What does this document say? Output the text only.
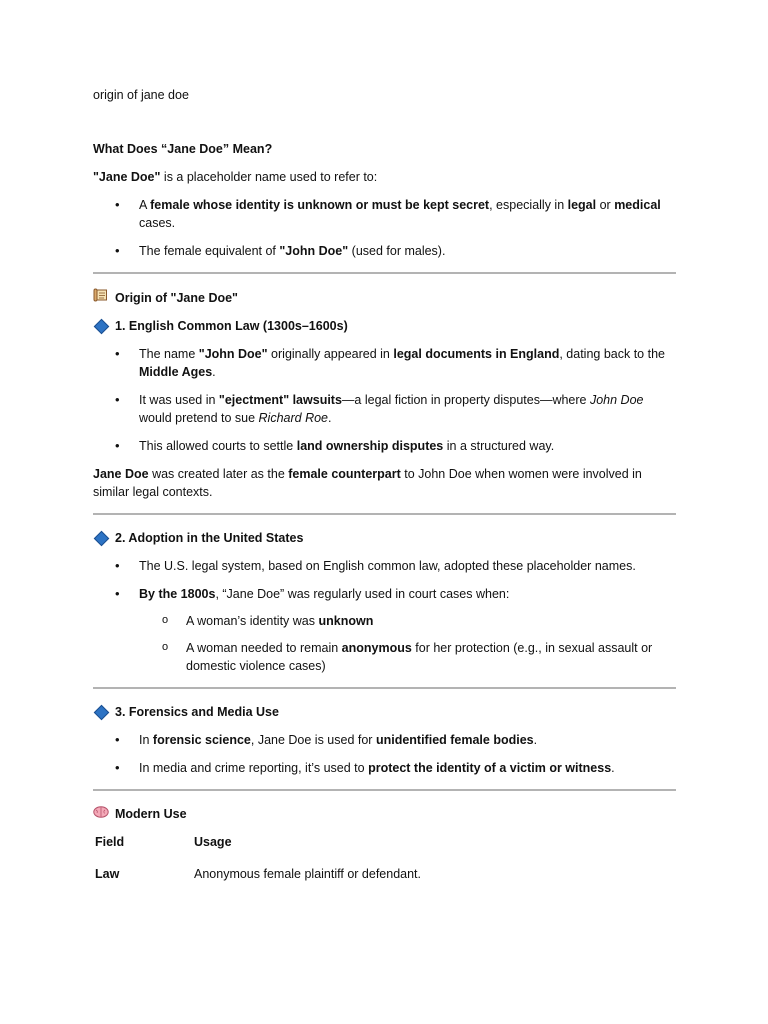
origin of jane doe

What Does “Jane Doe” Mean?

"Jane Doe" is a placeholder name used to refer to:

• A female whose identity is unknown or must be kept secret, especially in legal or medical cases.
• The female equivalent of "John Doe" (used for males).

Origin of "Jane Doe"

1. English Common Law (1300s–1600s)

• The name "John Doe" originally appeared in legal documents in England, dating back to the Middle Ages.
• It was used in "ejectment" lawsuits—a legal fiction in property disputes—where John Doe would pretend to sue Richard Roe.
• This allowed courts to settle land ownership disputes in a structured way.

Jane Doe was created later as the female counterpart to John Doe when women were involved in similar legal contexts.

2. Adoption in the United States

• The U.S. legal system, based on English common law, adopted these placeholder names.
• By the 1800s, “Jane Doe” was regularly used in court cases when:
o A woman’s identity was unknown
o A woman needed to remain anonymous for her protection (e.g., in sexual assault or domestic violence cases)

3. Forensics and Media Use

• In forensic science, Jane Doe is used for unidentified female bodies.
• In media and crime reporting, it’s used to protect the identity of a victim or witness.

Modern Use

Field	Usage
Law	Anonymous female plaintiff or defendant.
